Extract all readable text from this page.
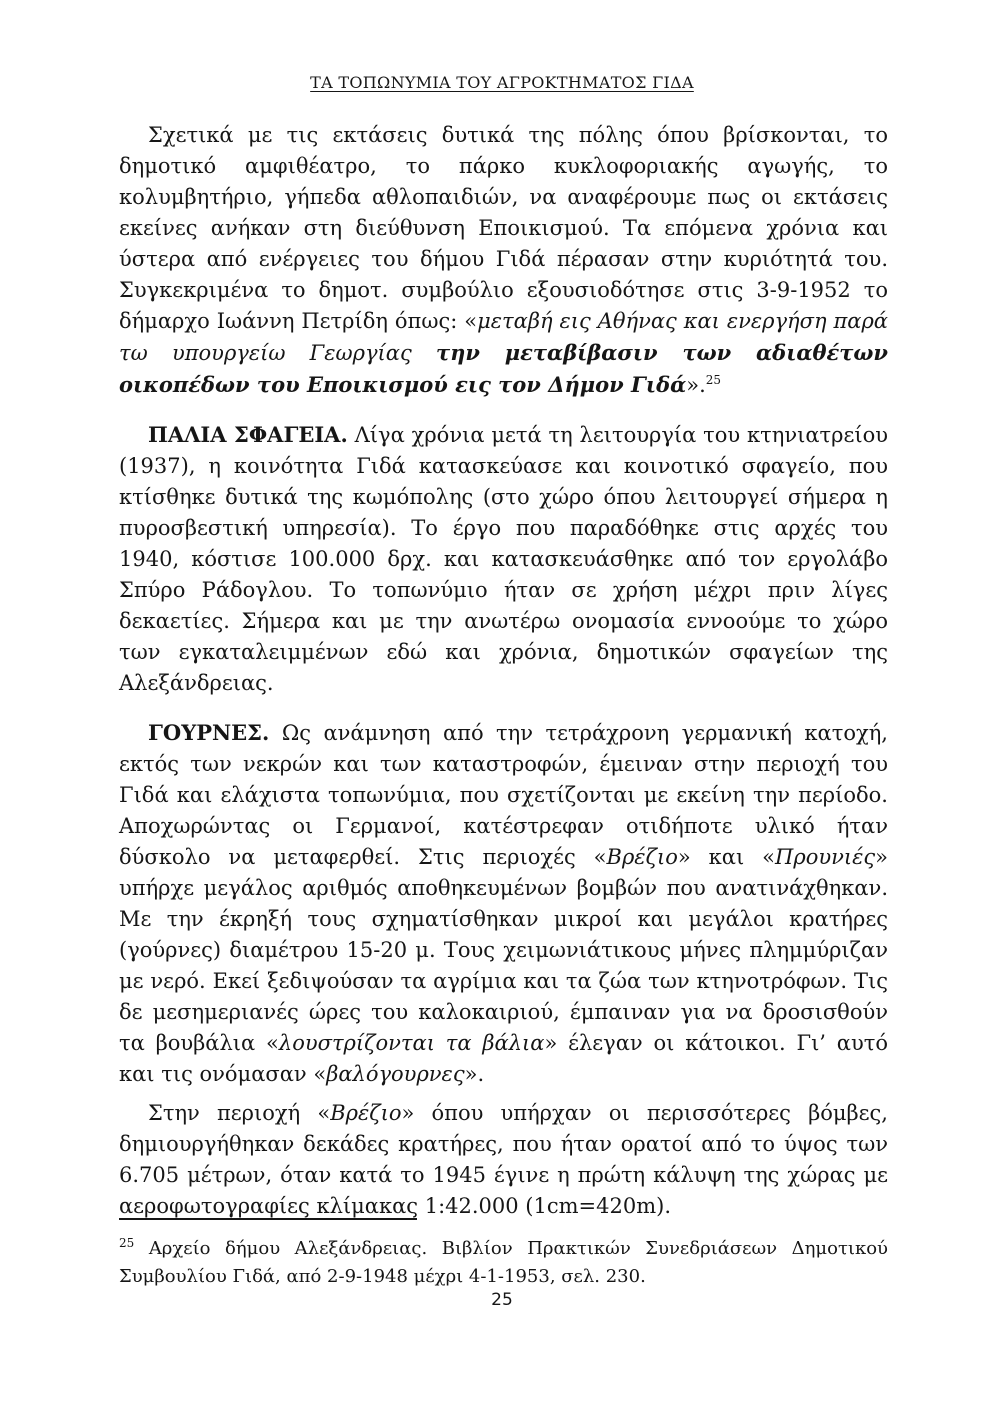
ΤΑ ΤΟΠΩΝΥΜΙΑ ΤΟΥ ΑΓΡΟΚΤΗΜΑΤΟΣ ΓΙΔΑ

Σχετικά με τις εκτάσεις δυτικά της πόλης όπου βρίσκονται, το δημοτικό αμφιθέατρο, το πάρκο κυκλοφοριακής αγωγής, το κολυμβητήριο, γήπεδα αθλοπαιδιών, να αναφέρουμε πως οι εκτάσεις εκείνες ανήκαν στη διεύθυνση Εποικισμού. Τα επόμενα χρόνια και ύστερα από ενέργειες του δήμου Γιδά πέρασαν στην κυριότητά του. Συγκεκριμένα το δημοτ. συμβούλιο εξουσιοδότησε στις 3-9-1952 το δήμαρχο Ιωάννη Πετρίδη όπως: «μεταβή εις Αθήνας και ενεργήση παρά τω υπουργείω Γεωργίας την μεταβίβασιν των αδιαθέτων οικοπέδων του Εποικισμού εις τον Δήμον Γιδά».$^{25}$

ΠΑΛΙΑ ΣΦΑΓΕΙΑ. Λίγα χρόνια μετά τη λειτουργία του κτηνιατρείου (1937), η κοινότητα Γιδά κατασκεύασε και κοινοτικό σφαγείο, που κτίσθηκε δυτικά της κωμόπολης (στο χώρο όπου λειτουργεί σήμερα η πυροσβεστική υπηρεσία). Το έργο που παραδόθηκε στις αρχές του 1940, κόστισε 100.000 δρχ. και κατασκευάσθηκε από τον εργολάβο Σπύρο Ράδογλου. Το τοπωνύμιο ήταν σε χρήση μέχρι πριν λίγες δεκαετίες. Σήμερα και με την ανωτέρω ονομασία εννοούμε το χώρο των εγκαταλειμμένων εδώ και χρόνια, δημοτικών σφαγείων της Αλεξάνδρειας.

ΓΟΥΡΝΕΣ. Ως ανάμνηση από την τετράχρονη γερμανική κατοχή, εκτός των νεκρών και των καταστροφών, έμειναν στην περιοχή του Γιδά και ελάχιστα τοπωνύμια, που σχετίζονται με εκείνη την περίοδο. Αποχωρώντας οι Γερμανοί, κατέστρεφαν οτιδήποτε υλικό ήταν δύσκολο να μεταφερθεί. Στις περιοχές «Βρέζιο» και «Προυνιές» υπήρχε μεγάλος αριθμός αποθηκευμένων βομβών που ανατινάχθηκαν. Με την έκρηξή τους σχηματίσθηκαν μικροί και μεγάλοι κρατήρες (γούρνες) διαμέτρου 15-20 μ. Τους χειμωνιάτικους μήνες πλημμύριζαν με νερό. Εκεί ξεδιψούσαν τα αγρίμια και τα ζώα των κτηνοτρόφων. Τις δε μεσημεριανές ώρες του καλοκαιριού, έμπαιναν για να δροσισθούν τα βουβάλια «λουστρίζονται τα βάλια» έλεγαν οι κάτοικοι. Γι’ αυτό και τις ονόμασαν «βαλόγουρνες».

Στην περιοχή «Βρέζιο» όπου υπήρχαν οι περισσότερες βόμβες, δημιουργήθηκαν δεκάδες κρατήρες, που ήταν ορατοί από το ύψος των 6.705 μέτρων, όταν κατά το 1945 έγινε η πρώτη κάλυψη της χώρας με αεροφωτογραφίες κλίμακας 1:42.000 (1cm=420m).

$^{25}$ Αρχείο δήμου Αλεξάνδρειας. Βιβλίον Πρακτικών Συνεδριάσεων Δημοτικού Συμβουλίου Γιδά, από 2-9-1948 μέχρι 4-1-1953, σελ. 230.
25
